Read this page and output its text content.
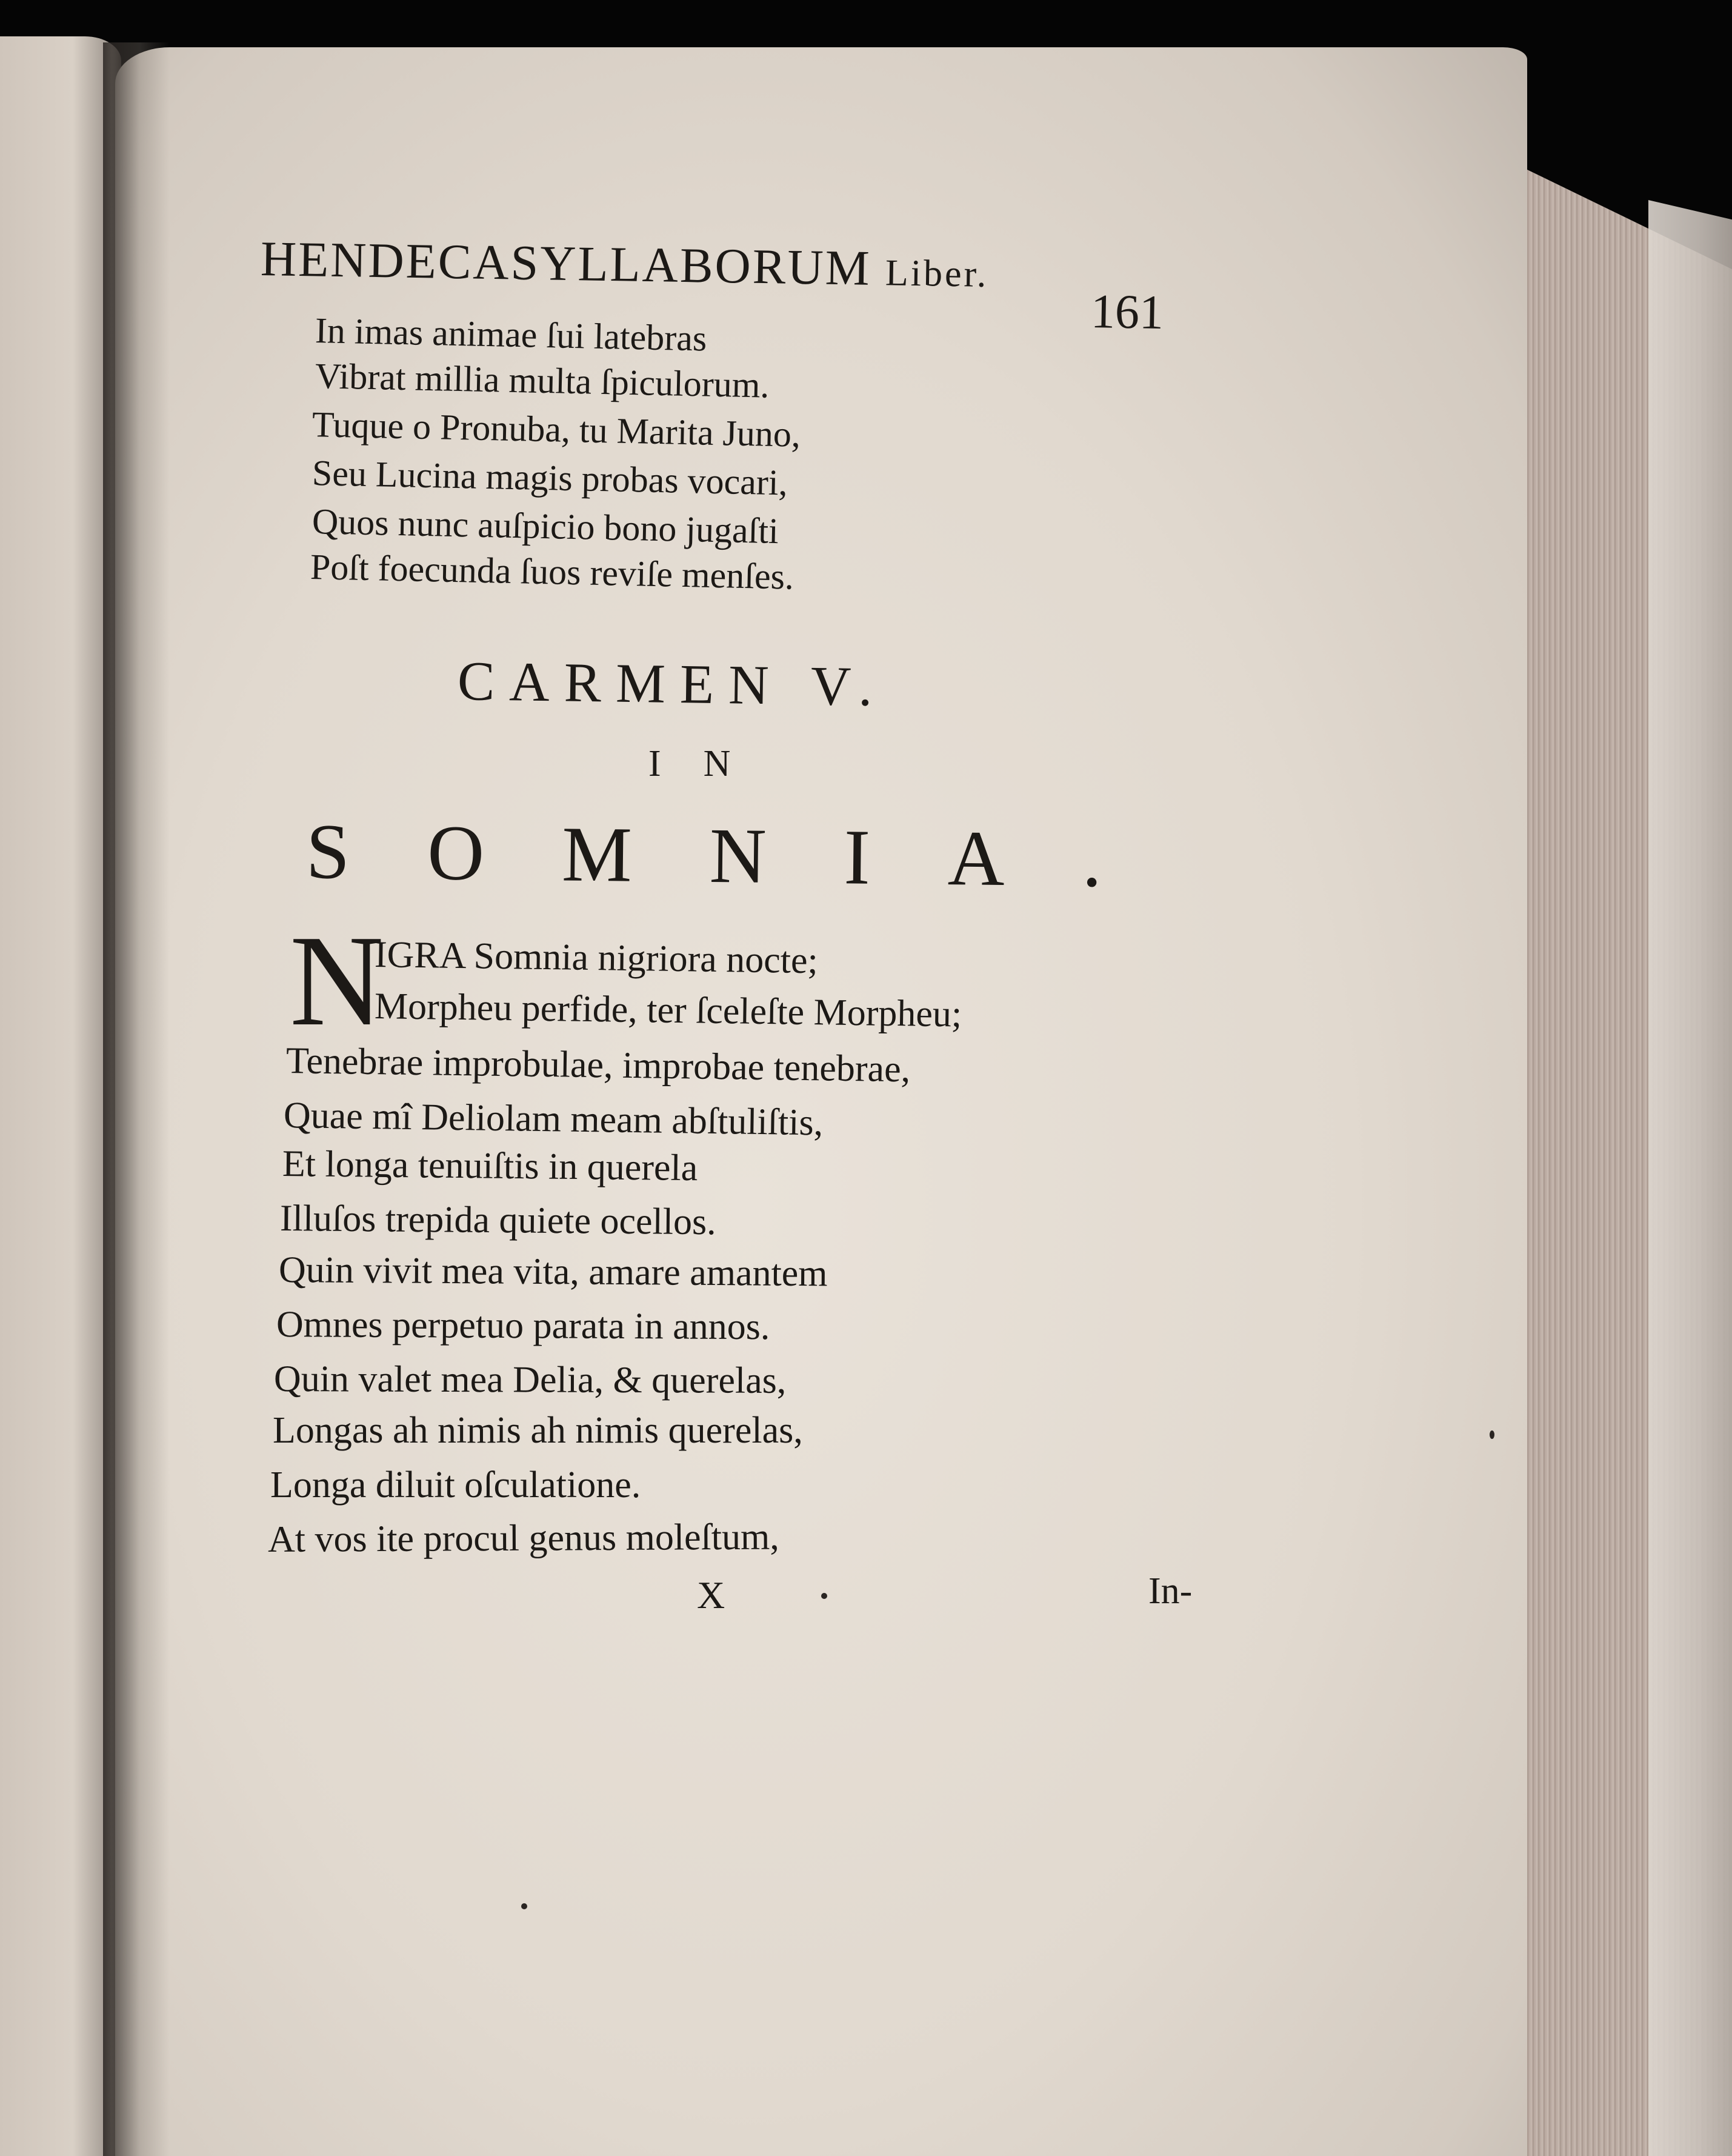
HENDECASYLLABORUM Liber.
161
In imas animae ſui latebras
Vibrat millia multa ſpiculorum.
Tuque o Pronuba, tu Marita Juno,
Seu Lucina magis probas vocari,
Quos nunc auſpicio bono jugaſti
Poſt foecunda ſuos reviſe menſes.
CARMEN V.
IN
SOMNIA.
N
IGRA Somnia nigriora nocte;
Morpheu perfide, ter ſceleſte Morpheu;
Tenebrae improbulae, improbae tenebrae,
Quae mî Deliolam meam abſtuliſtis,
Et longa tenuiſtis in querela
Illuſos trepida quiete ocellos.
Quin vivit mea vita, amare amantem
Omnes perpetuo parata in annos.
Quin valet mea Delia, & querelas,
Longas ah nimis ah nimis querelas,
Longa diluit oſculatione.
At vos ite procul genus moleſtum,
X	In-
